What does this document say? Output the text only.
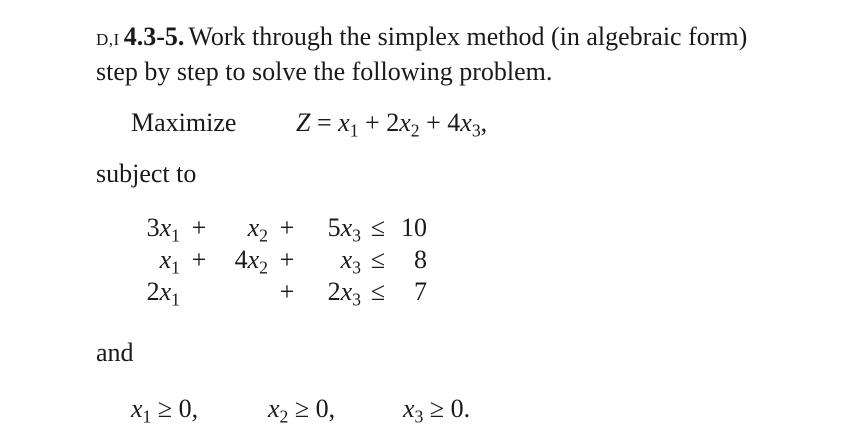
D,I 4.3-5. Work through the simplex method (in algebraic form)
step by step to solve the following problem.
Maximize $Z = x_1 + 2x_2 + 4x_3$,
subject to
$3x_1$	+	$x_2$	+	$5x_3$	≤	10
$x_1$	+	$4x_2$	+	$x_3$	≤	8
$2x_1$			+	$2x_3$	≤	7
and
$x_1 \ge 0$,	$x_2 \ge 0$,	$x_3 \ge 0$.
